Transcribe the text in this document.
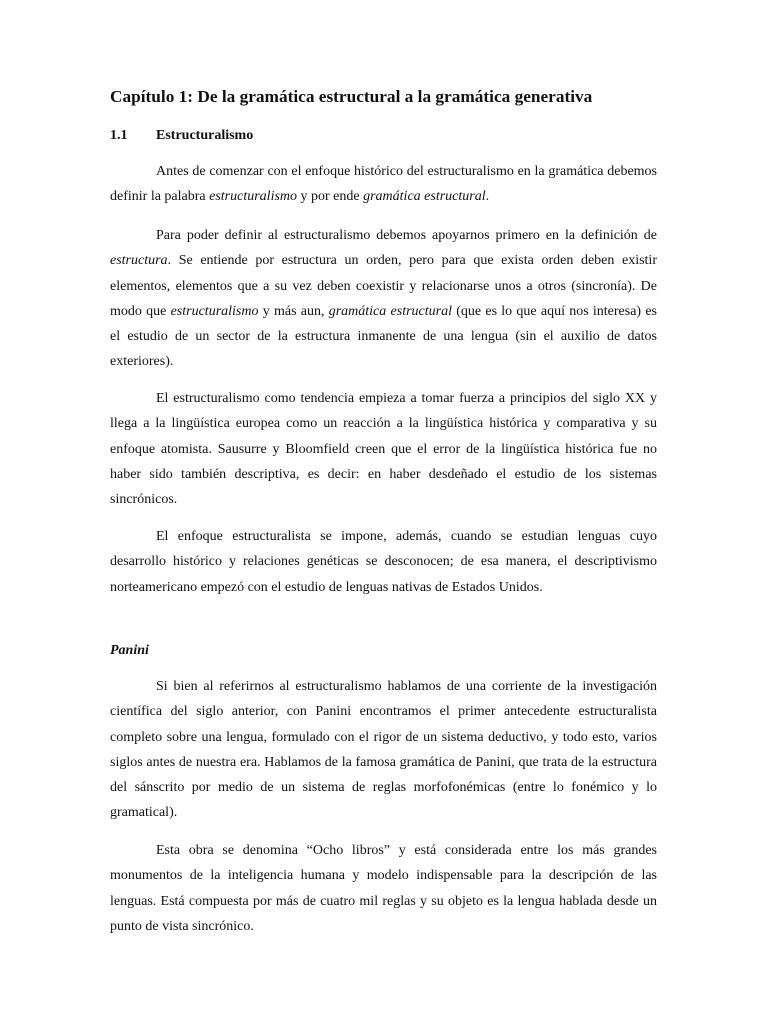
Capítulo 1: De la gramática estructural a la gramática generativa
1.1 Estructuralismo

Antes de comenzar con el enfoque histórico del estructuralismo en la gramática debemos definir la palabra estructuralismo y por ende gramática estructural.

Para poder definir al estructuralismo debemos apoyarnos primero en la definición de estructura. Se entiende por estructura un orden, pero para que exista orden deben existir elementos, elementos que a su vez deben coexistir y relacionarse unos a otros (sincronía). De modo que estructuralismo y más aun, gramática estructural (que es lo que aquí nos interesa) es el estudio de un sector de la estructura inmanente de una lengua (sin el auxilio de datos exteriores).

El estructuralismo como tendencia empieza a tomar fuerza a principios del siglo XX y llega a la lingüística europea como un reacción a la lingüística histórica y comparativa y su enfoque atomista. Sausurre y Bloomfield creen que el error de la lingüística histórica fue no haber sido también descriptiva, es decir: en haber desdeñado el estudio de los sistemas sincrónicos.

El enfoque estructuralista se impone, además, cuando se estudian lenguas cuyo desarrollo histórico y relaciones genéticas se desconocen; de esa manera, el descriptivismo norteamericano empezó con el estudio de lenguas nativas de Estados Unidos.

Panini

Si bien al referirnos al estructuralismo hablamos de una corriente de la investigación científica del siglo anterior, con Panini encontramos el primer antecedente estructuralista completo sobre una lengua, formulado con el rigor de un sistema deductivo, y todo esto, varios siglos antes de nuestra era. Hablamos de la famosa gramática de Panini, que trata de la estructura del sánscrito por medio de un sistema de reglas morfofonémicas (entre lo fonémico y lo gramatical).

Esta obra se denomina “Ocho libros” y está considerada entre los más grandes monumentos de la inteligencia humana y modelo indispensable para la descripción de las lenguas. Está compuesta por más de cuatro mil reglas y su objeto es la lengua hablada desde un punto de vista sincrónico.
